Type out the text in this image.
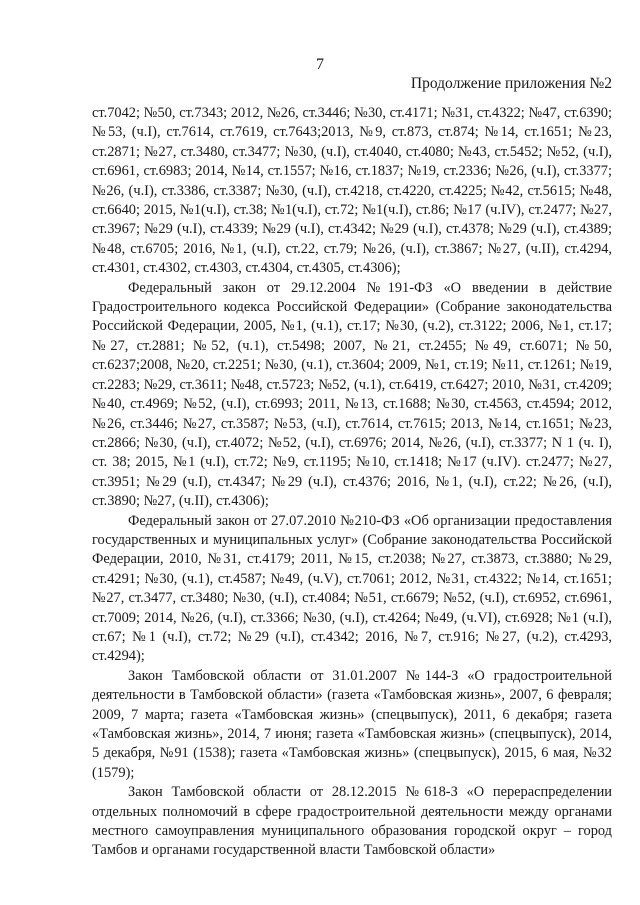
7
Продолжение приложения №2

ст.7042; №50, ст.7343; 2012, №26, ст.3446; №30, ст.4171; №31, ст.4322; №47, ст.6390; №53, (ч.I), ст.7614, ст.7619, ст.7643;2013, №9, ст.873, ст.874; №14, ст.1651; №23, ст.2871; №27, ст.3480, ст.3477; №30, (ч.I), ст.4040, ст.4080; №43, ст.5452; №52, (ч.I), ст.6961, ст.6983; 2014, №14, ст.1557; №16, ст.1837; №19, ст.2336; №26, (ч.I), ст.3377; №26, (ч.I), ст.3386, ст.3387; №30, (ч.I), ст.4218, ст.4220, ст.4225; №42, ст.5615; №48, ст.6640; 2015, №1(ч.I), ст.38; №1(ч.I), ст.72; №1(ч.I), ст.86; №17 (ч.IV), ст.2477; №27, ст.3967; №29 (ч.I), ст.4339; №29 (ч.I), ст.4342; №29 (ч.I), ст.4378; №29 (ч.I), ст.4389; №48, ст.6705; 2016, №1, (ч.I), ст.22, ст.79; №26, (ч.I), ст.3867; №27, (ч.II), ст.4294, ст.4301, ст.4302, ст.4303, ст.4304, ст.4305, ст.4306);

Федеральный закон от 29.12.2004 №191-ФЗ «О введении в действие Градостроительного кодекса Российской Федерации» (Собрание законодательства Российской Федерации, 2005, №1, (ч.1), ст.17; №30, (ч.2), ст.3122; 2006, №1, ст.17; №27, ст.2881; №52, (ч.1), ст.5498; 2007, №21, ст.2455; №49, ст.6071; №50, ст.6237;2008, №20, ст.2251; №30, (ч.1), ст.3604; 2009, №1, ст.19; №11, ст.1261; №19, ст.2283; №29, ст.3611; №48, ст.5723; №52, (ч.1), ст.6419, ст.6427; 2010, №31, ст.4209; №40, ст.4969; №52, (ч.I), ст.6993; 2011, №13, ст.1688; №30, ст.4563, ст.4594; 2012, №26, ст.3446; №27, ст.3587; №53, (ч.I), ст.7614, ст.7615; 2013, №14, ст.1651; №23, ст.2866; №30, (ч.I), ст.4072; №52, (ч.I), ст.6976; 2014, №26, (ч.I), ст.3377; N 1 (ч. I), ст. 38; 2015, №1 (ч.I), ст.72; №9, ст.1195; №10, ст.1418; №17 (ч.IV). ст.2477; №27, ст.3951; №29 (ч.I), ст.4347; №29 (ч.I), ст.4376; 2016, №1, (ч.I), ст.22; №26, (ч.I), ст.3890; №27, (ч.II), ст.4306);

Федеральный закон от 27.07.2010 №210-ФЗ «Об организации предоставления государственных и муниципальных услуг» (Собрание законодательства Российской Федерации, 2010, №31, ст.4179; 2011, №15, ст.2038; №27, ст.3873, ст.3880; №29, ст.4291; №30, (ч.1), ст.4587; №49, (ч.V), ст.7061; 2012, №31, ст.4322; №14, ст.1651; №27, ст.3477, ст.3480; №30, (ч.I), ст.4084; №51, ст.6679; №52, (ч.I), ст.6952, ст.6961, ст.7009; 2014, №26, (ч.I), ст.3366; №30, (ч.I), ст.4264; №49, (ч.VI), ст.6928; №1 (ч.I), ст.67; №1 (ч.I), ст.72; №29 (ч.I), ст.4342; 2016, №7, ст.916; №27, (ч.2), ст.4293, ст.4294);

Закон Тамбовской области от 31.01.2007 №144-З «О градостроительной деятельности в Тамбовской области» (газета «Тамбовская жизнь», 2007, 6 февраля; 2009, 7 марта; газета «Тамбовская жизнь» (спецвыпуск), 2011, 6 декабря; газета «Тамбовская жизнь», 2014, 7 июня; газета «Тамбовская жизнь» (спецвыпуск), 2014, 5 декабря, №91 (1538); газета «Тамбовская жизнь» (спецвыпуск), 2015, 6 мая, №32 (1579);

Закон Тамбовской области от 28.12.2015 №618-З «О перераспределении отдельных полномочий в сфере градостроительной деятельности между органами местного самоуправления муниципального образования городской округ – город Тамбов и органами государственной власти Тамбовской области»
